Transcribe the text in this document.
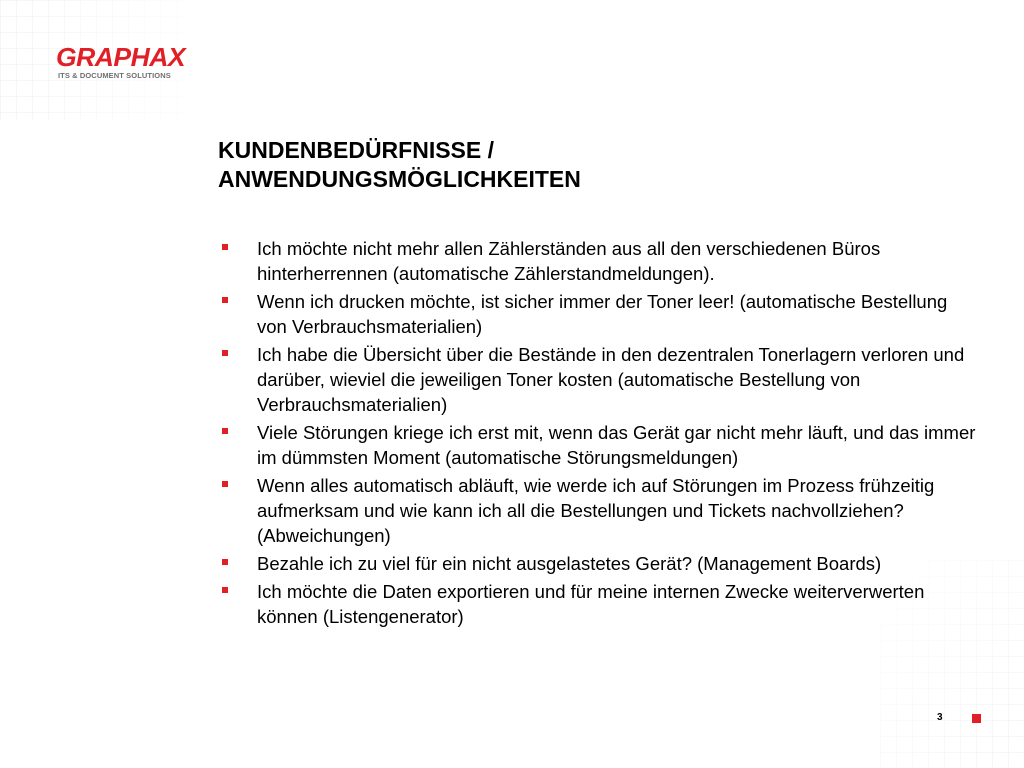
GRAPHAX
ITS & DOCUMENT SOLUTIONS
KUNDENBEDÜRFNISSE /
ANWENDUNGSMÖGLICHKEITEN
Ich möchte nicht mehr allen Zählerständen aus all den verschiedenen Büros hinterherrennen (automatische Zählerstandmeldungen).
Wenn ich drucken möchte, ist sicher immer der Toner leer! (automatische Bestellung von Verbrauchsmaterialien)
Ich habe die Übersicht über die Bestände in den dezentralen Tonerlagern verloren und darüber, wieviel die jeweiligen Toner kosten (automatische Bestellung von Verbrauchsmaterialien)
Viele Störungen kriege ich erst mit, wenn das Gerät gar nicht mehr läuft, und das immer im dümmsten Moment (automatische Störungsmeldungen)
Wenn alles automatisch abläuft, wie werde ich auf Störungen im Prozess frühzeitig aufmerksam und wie kann ich all die Bestellungen und Tickets nachvollziehen? (Abweichungen)
Bezahle ich zu viel für ein nicht ausgelastetes Gerät? (Management Boards)
Ich möchte die Daten exportieren und für meine internen Zwecke weiterverwerten können (Listengenerator)
3
